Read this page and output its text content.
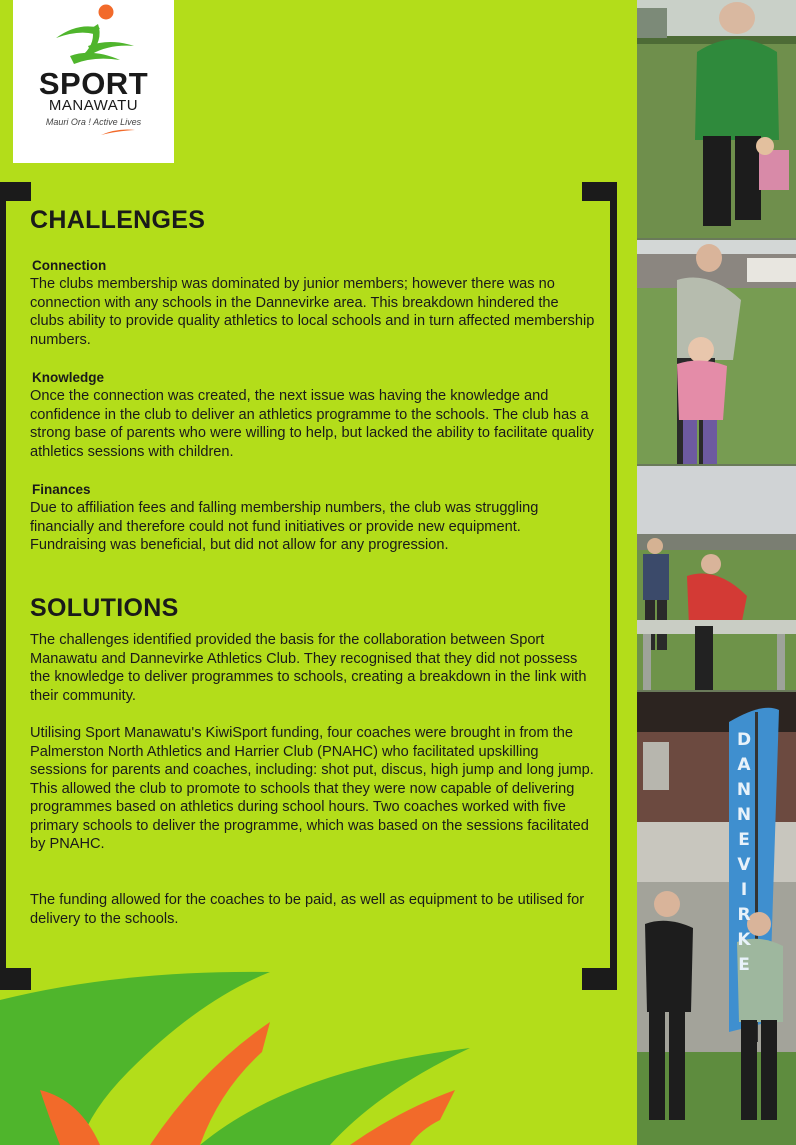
SPORT
MANAWATU
Mauri Ora ! Active Lives
CHALLENGES
Connection

The clubs membership was dominated by junior members; however there was no connection with any schools in the Dannevirke area. This breakdown hindered the clubs ability to provide quality athletics to local schools and in turn affected membership numbers.

Knowledge

Once the connection was created, the next issue was having the knowledge and confidence in the club to deliver an athletics programme to the schools. The club has a strong base of parents who were willing to help, but lacked the ability to facilitate quality athletics sessions with children.

Finances

Due to affiliation fees and falling membership numbers, the club was struggling financially and therefore could not fund initiatives or provide new equipment. Fundraising was beneficial, but did not allow for any progression.

SOLUTIONS

The challenges identified provided the basis for the collaboration between Sport Manawatu and Dannevirke Athletics Club. They recognised that they did not possess the knowledge to deliver programmes to schools, creating a breakdown in the link with their community.

Utilising Sport Manawatu's KiwiSport funding, four coaches were brought in from the Palmerston North Athletics and Harrier Club (PNAHC) who facilitated upskilling sessions for parents and coaches, including: shot put, discus, high jump and long jump. This allowed the club to promote to schools that they were now capable of delivering programmes based on athletics during school hours. Two coaches worked with five primary schools to deliver the programme, which was based on the sessions facilitated by PNAHC.

The funding allowed for the coaches to be paid, as well as equipment to be utilised for delivery to the schools.

D
A
N
N
E
V
I
R
K
E
